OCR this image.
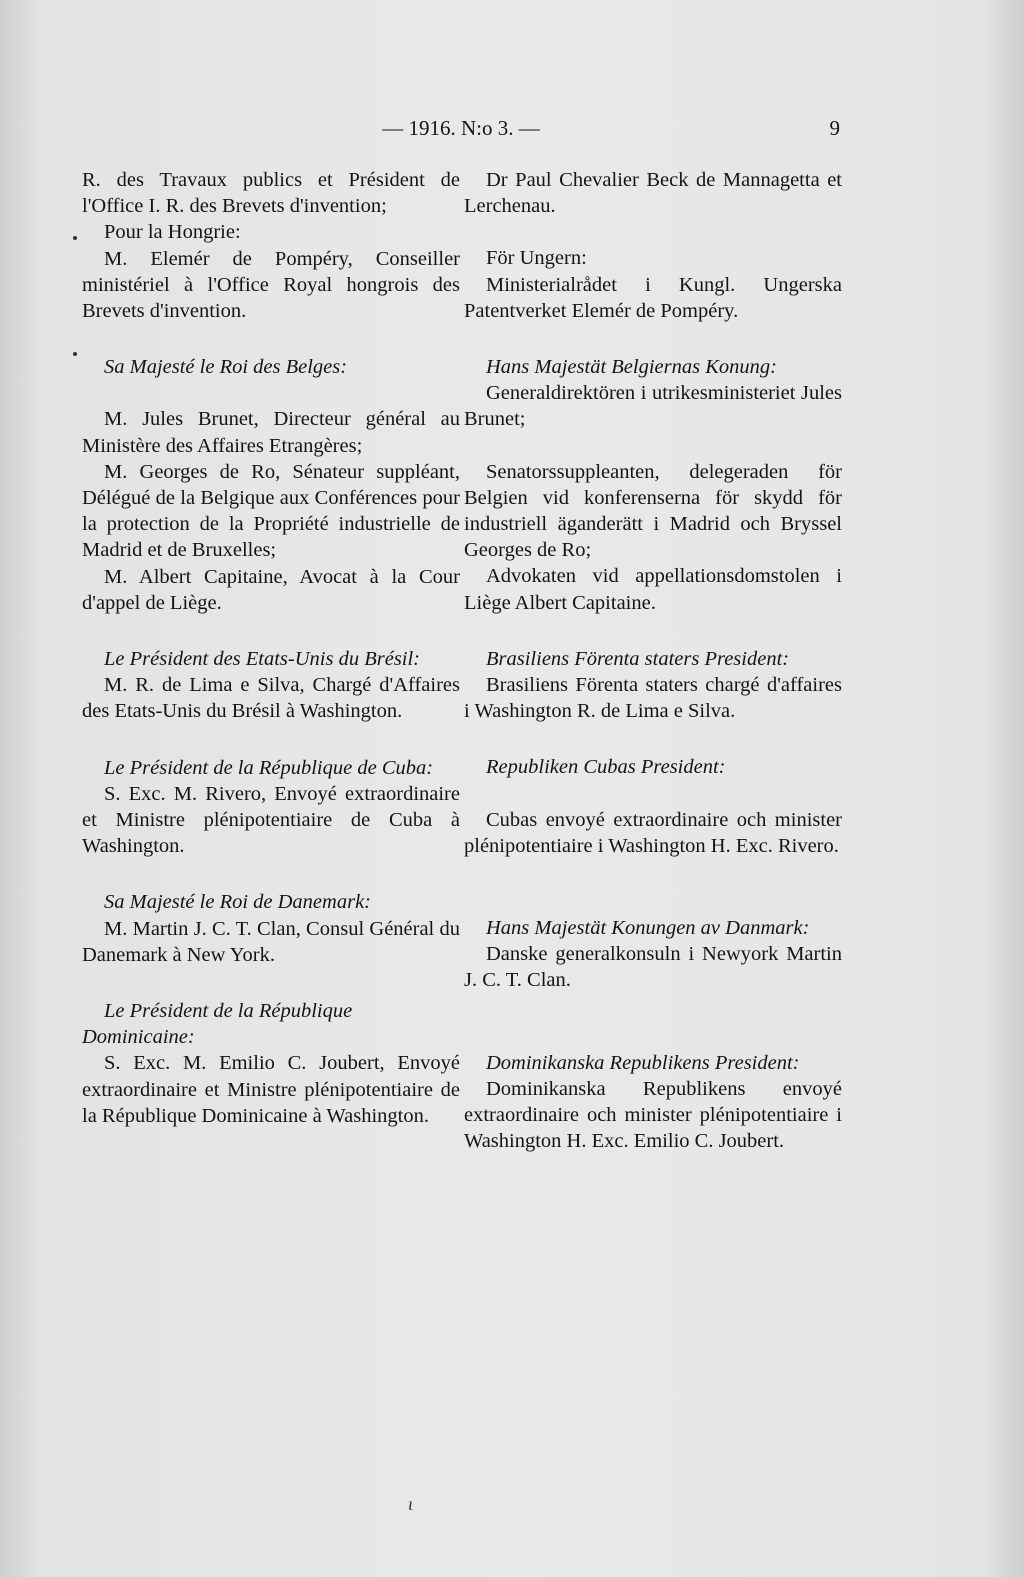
— 1916. N:o 3. —	9

R. des Travaux publics et Président de l'Office I. R. des Brevets d'invention;

Pour la Hongrie:

M. Elemér de Pompéry, Conseiller ministériel à l'Office Royal hongrois des Brevets d'invention.

Sa Majesté le Roi des Belges:

M. Jules Brunet, Directeur général au Ministère des Affaires Etrangères;

M. Georges de Ro, Sénateur suppléant, Délégué de la Belgique aux Conférences pour la protection de la Propriété industrielle de Madrid et de Bruxelles;

M. Albert Capitaine, Avocat à la Cour d'appel de Liège.

Le Président des Etats-Unis du Brésil:

M. R. de Lima e Silva, Chargé d'Affaires des Etats-Unis du Brésil à Washington.

Le Président de la République de Cuba:

S. Exc. M. Rivero, Envoyé extraordinaire et Ministre plénipotentiaire de Cuba à Washington.

Sa Majesté le Roi de Danemark:

M. Martin J. C. T. Clan, Consul Général du Danemark à New York.

Le Président de la République Dominicaine:

S. Exc. M. Emilio C. Joubert, Envoyé extraordinaire et Ministre plénipotentiaire de la République Dominicaine à Washington.

Dr Paul Chevalier Beck de Mannagetta et Lerchenau.

För Ungern:

Ministerialrådet i Kungl. Ungerska Patentverket Elemér de Pompéry.

Hans Majestät Belgiernas Konung:

Generaldirektören i utrikesministeriet Jules Brunet;

Senatorssuppleanten, delegeraden för Belgien vid konferenserna för skydd för industriell äganderätt i Madrid och Bryssel Georges de Ro;

Advokaten vid appellationsdomstolen i Liège Albert Capitaine.

Brasiliens Förenta staters President:

Brasiliens Förenta staters chargé d'affaires i Washington R. de Lima e Silva.

Republiken Cubas President:

Cubas envoyé extraordinaire och minister plénipotentiaire i Washington H. Exc. Rivero.

Hans Majestät Konungen av Danmark:

Danske generalkonsuln i Newyork Martin J. C. T. Clan.

Dominikanska Republikens President:

Dominikanska Republikens envoyé extraordinaire och minister plénipotentiaire i Washington H. Exc. Emilio C. Joubert.

ɩ
